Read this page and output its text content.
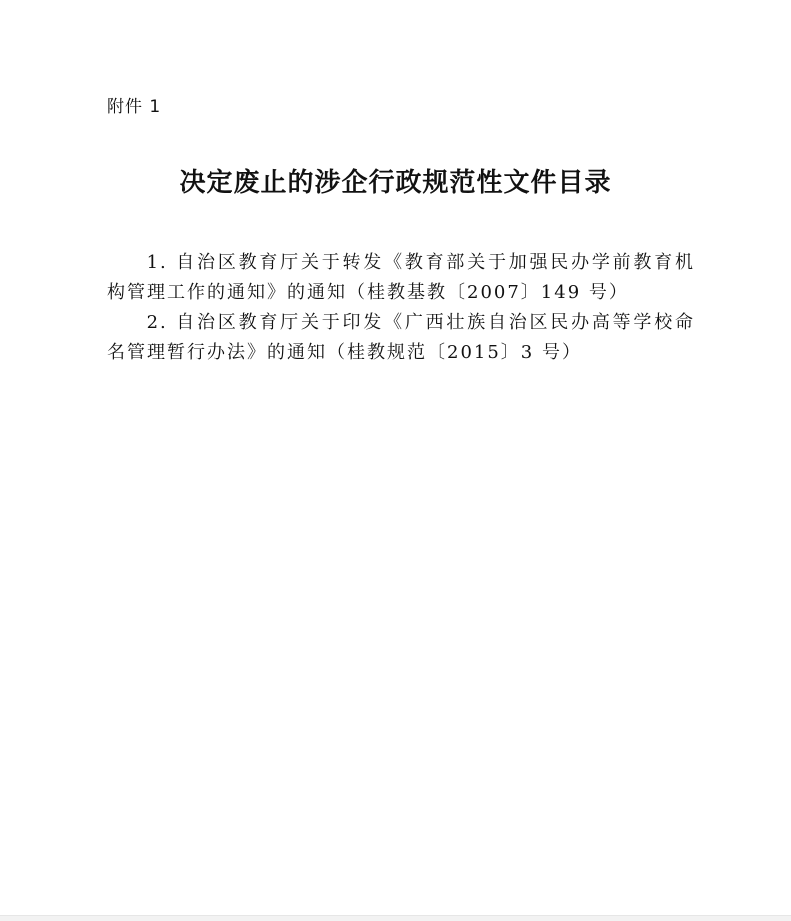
附件 1
决定废止的涉企行政规范性文件目录
1. 自治区教育厅关于转发《教育部关于加强民办学前教育机构管理工作的通知》的通知（桂教基教〔2007〕149 号）
2. 自治区教育厅关于印发《广西壮族自治区民办高等学校命名管理暂行办法》的通知（桂教规范〔2015〕3 号）
